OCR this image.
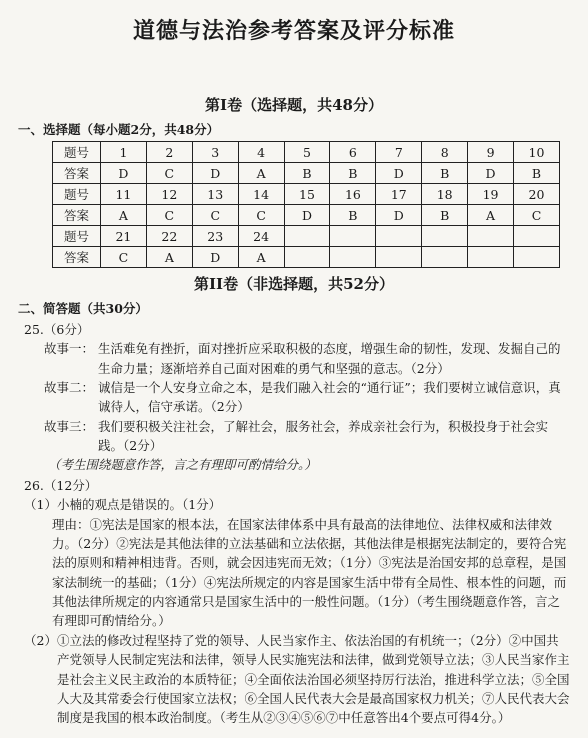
道德与法治参考答案及评分标准
第I卷（选择题，共48分）
一、选择题（每小题2分，共48分）
题号	1	2	3	4	5	6	7	8	9	10
答案	D	C	D	A	B	B	D	B	D	B
题号	11	12	13	14	15	16	17	18	19	20
答案	A	C	C	C	D	B	D	B	A	C
题号	21	22	23	24						
答案	C	A	D	A						
第II卷（非选择题，共52分）
二、简答题（共30分）
25.（6分）
故事一： 生活难免有挫折，面对挫折应采取积极的态度，增强生命的韧性，发现、发掘自己的生命力量；逐渐培养自己面对困难的勇气和坚强的意志。（2分）
故事二： 诚信是一个人安身立命之本，是我们融入社会的“通行证”；我们要树立诚信意识，真诚待人，信守承诺。（2分）
故事三： 我们要积极关注社会，了解社会，服务社会，养成亲社会行为，积极投身于社会实践。（2分）
（考生围绕题意作答，言之有理即可酌情给分。）
26.（12分）
（1） 小楠的观点是错误的。（1分）
理由：①宪法是国家的根本法，在国家法律体系中具有最高的法律地位、法律权威和法律效力。（2分）②宪法是其他法律的立法基础和立法依据，其他法律是根据宪法制定的，要符合宪法的原则和精神相违背。否则，就会因违宪而无效；（1分）③宪法是治国安邦的总章程，是国家法制统一的基础；（1分）④宪法所规定的内容是国家生活中带有全局性、根本性的问题，而其他法律所规定的内容通常只是国家生活中的一般性问题。（1分）（考生围绕题意作答，言之有理即可酌情给分。）
（2） ①立法的修改过程坚持了党的领导、人民当家作主、依法治国的有机统一；（2分）②中国共产党领导人民制定宪法和法律，领导人民实施宪法和法律，做到党领导立法；③人民当家作主是社会主义民主政治的本质特征；④全面依法治国必须坚持厉行法治，推进科学立法；⑤全国人大及其常委会行使国家立法权；⑥全国人民代表大会是最高国家权力机关；⑦人民代表大会制度是我国的根本政治制度。（考生从②③④⑤⑥⑦中任意答出4个要点可得4分。）
